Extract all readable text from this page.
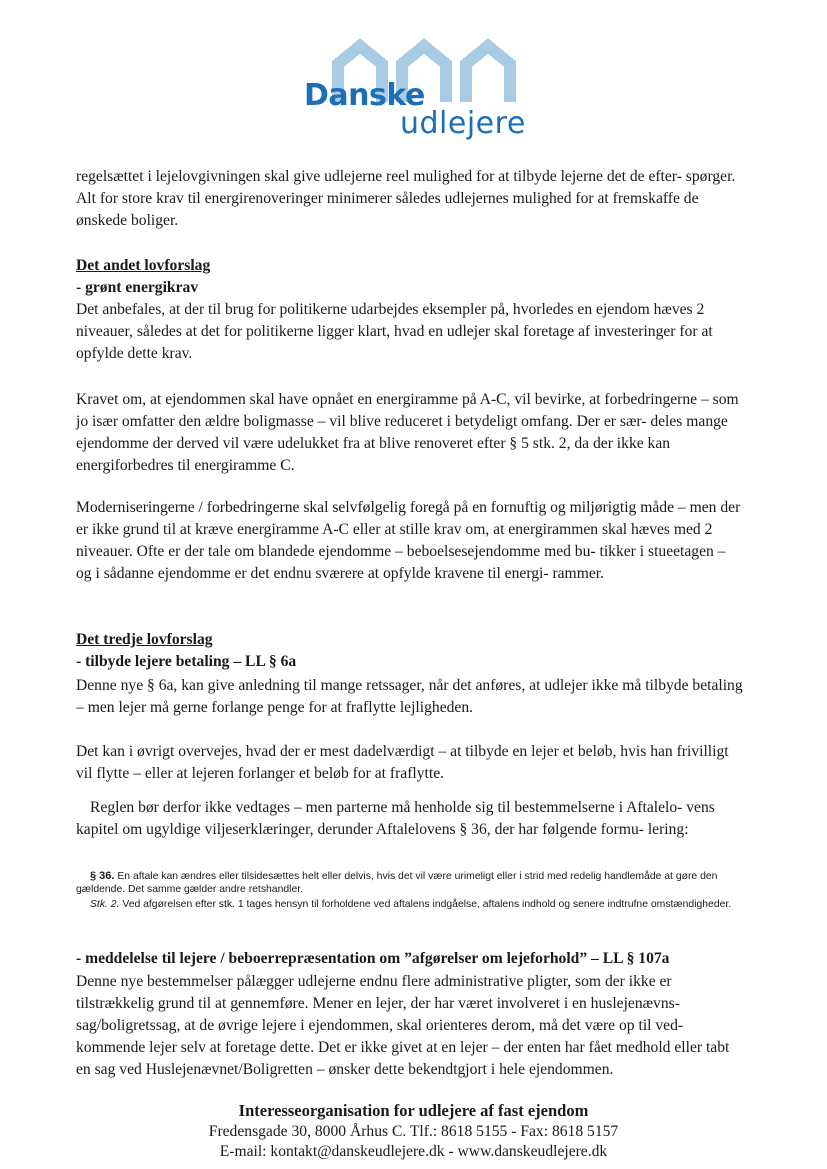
Danske
udlejere

regelsættet i lejelovgivningen skal give udlejerne reel mulighed for at tilbyde lejerne det de efter- spørger. Alt for store krav til energirenoveringer minimerer således udlejernes mulighed for at fremskaffe de ønskede boliger.

Det andet lovforslag

- grønt energikrav

Det anbefales, at der til brug for politikerne udarbejdes eksempler på, hvorledes en ejendom hæves 2 niveauer, således at det for politikerne ligger klart, hvad en udlejer skal foretage af investeringer for at opfylde dette krav.

Kravet om, at ejendommen skal have opnået en energiramme på A-C, vil bevirke, at forbedringerne – som jo især omfatter den ældre boligmasse – vil blive reduceret i betydeligt omfang. Der er sær- deles mange ejendomme der derved vil være udelukket fra at blive renoveret efter § 5 stk. 2, da der ikke kan energiforbedres til energiramme C.

Moderniseringerne / forbedringerne skal selvfølgelig foregå på en fornuftig og miljørigtig måde – men der er ikke grund til at kræve energiramme A-C eller at stille krav om, at energirammen skal hæves med 2 niveauer. Ofte er der tale om blandede ejendomme – beboelsesejendomme med bu- tikker i stueetagen – og i sådanne ejendomme er det endnu sværere at opfylde kravene til energi- rammer.

Det tredje lovforslag

- tilbyde lejere betaling – LL § 6a

Denne nye § 6a, kan give anledning til mange retssager, når det anføres, at udlejer ikke må tilbyde betaling – men lejer må gerne forlange penge for at fraflytte lejligheden.

Det kan i øvrigt overvejes, hvad der er mest dadelværdigt – at tilbyde en lejer et beløb, hvis han frivilligt vil flytte – eller at lejeren forlanger et beløb for at fraflytte.

Reglen bør derfor ikke vedtages – men parterne må henholde sig til bestemmelserne i Aftalelo- vens kapitel om ugyldige viljeserklæringer, derunder Aftalelovens § 36, der har følgende formu- lering:

§ 36. En aftale kan ændres eller tilsidesættes helt eller delvis, hvis det vil være urimeligt eller i strid med redelig handlemåde at gøre den gældende. Det samme gælder andre retshandler.

Stk. 2. Ved afgørelsen efter stk. 1 tages hensyn til forholdene ved aftalens indgåelse, aftalens indhold og senere indtrufne omstændigheder.

- meddelelse til lejere / beboerrepræsentation om ”afgørelser om lejeforhold” – LL § 107a

Denne nye bestemmelser pålægger udlejerne endnu flere administrative pligter, som der ikke er tilstrækkelig grund til at gennemføre. Mener en lejer, der har været involveret i en huslejenævns- sag/boligretssag, at de øvrige lejere i ejendommen, skal orienteres derom, må det være op til ved- kommende lejer selv at foretage dette. Det er ikke givet at en lejer – der enten har fået medhold eller tabt en sag ved Huslejenævnet/Boligretten – ønsker dette bekendtgjort i hele ejendommen.

Interesseorganisation for udlejere af fast ejendom
Fredensgade 30, 8000 Århus C. Tlf.: 8618 5155 - Fax: 8618 5157
E-mail: kontakt@danskeudlejere.dk - www.danskeudlejere.dk
